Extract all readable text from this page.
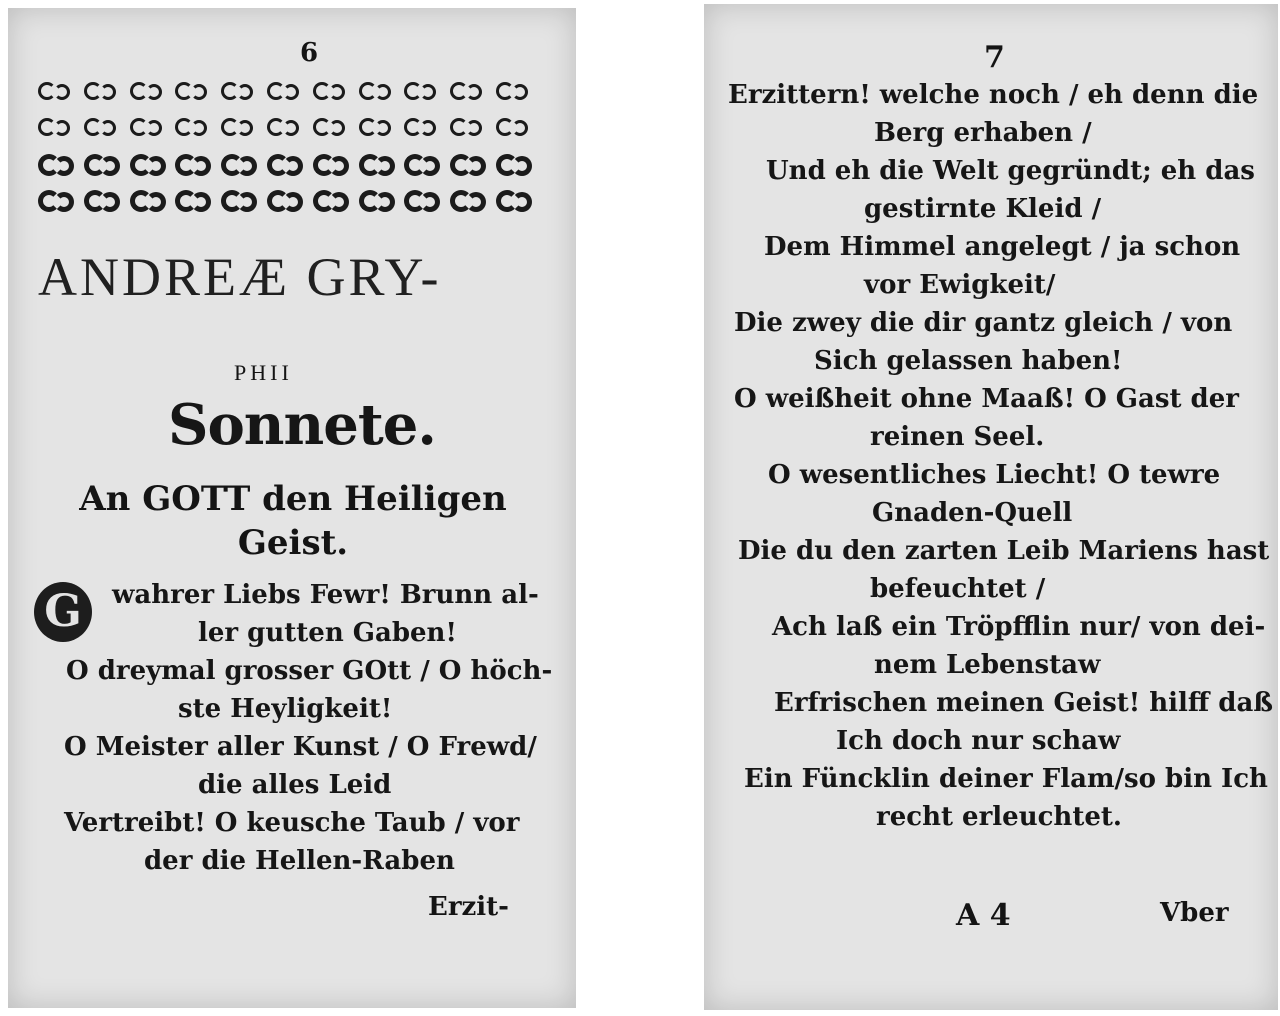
6
ANDREÆ GRY-
PHII
Sonnete.
An GOTT den Heiligen
Geist.
G	wahrer Liebs Fewr! Brunn al-
ler gutten Gaben!
O dreymal grosser GOtt / O höch-
ste Heyligkeit!
O Meister aller Kunst / O Frewd/
die alles Leid
Vertreibt! O keusche Taub / vor
der die Hellen-Raben
Erzit-
7
Erzittern! welche noch / eh denn die
Berg erhaben /
Und eh die Welt gegründt; eh das
gestirnte Kleid /
Dem Himmel angelegt / ja schon
vor Ewigkeit/
Die zwey die dir gantz gleich / von
Sich gelassen haben!
O weißheit ohne Maaß! O Gast der
reinen Seel.
O wesentliches Liecht! O tewre
Gnaden-Quell
Die du den zarten Leib Mariens hast
befeuchtet /
Ach laß ein Tröpfflin nur/ von dei-
nem Lebenstaw
Erfrischen meinen Geist! hilff daß
Ich doch nur schaw
Ein Füncklin deiner Flam/so bin Ich
recht erleuchtet.
A 4	Vber
